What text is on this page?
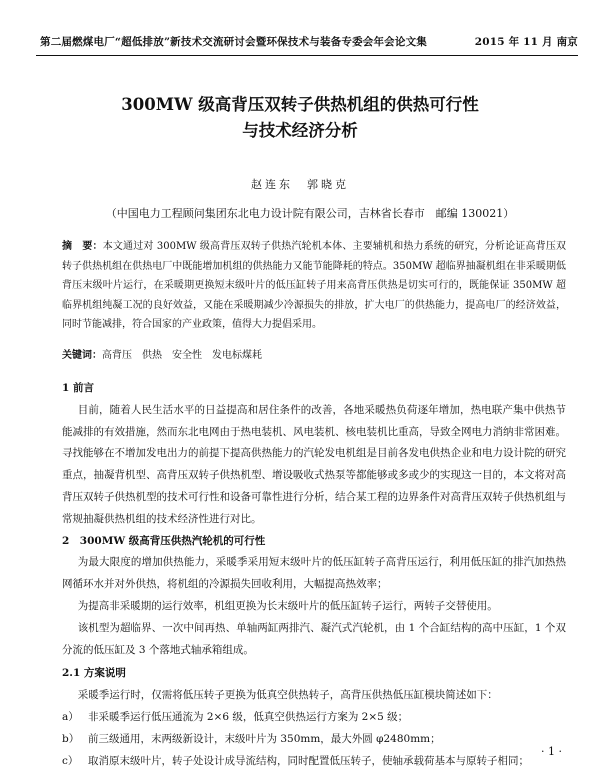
第二届燃煤电厂“超低排放”新技术交流研讨会暨环保技术与装备专委会年会论文集	2015 年 11 月 南京
300MW 级高背压双转子供热机组的供热可行性
与技术经济分析
赵连东　郭晓克
（中国电力工程顾问集团东北电力设计院有限公司，吉林省长春市　邮编 130021）
摘　要：本文通过对 300MW 级高背压双转子供热汽轮机本体、主要辅机和热力系统的研究，分析论证高背压双转子供热机组在供热电厂中既能增加机组的供热能力又能节能降耗的特点。350MW 超临界抽凝机组在非采暖期低背压末级叶片运行，在采暖期更换短末级叶片的低压缸转子用来高背压供热是切实可行的，既能保证 350MW 超临界机组纯凝工况的良好效益，又能在采暖期减少冷源损失的排放，扩大电厂的供热能力，提高电厂的经济效益，同时节能减排，符合国家的产业政策，值得大力提倡采用。
关键词：高背压　供热　安全性　发电标煤耗

1 前言

目前，随着人民生活水平的日益提高和居住条件的改善，各地采暖热负荷逐年增加，热电联产集中供热节能减排的有效措施，然而东北电网由于热电装机、风电装机、核电装机比重高，导致全网电力消纳非常困难。寻找能够在不增加发电出力的前提下提高供热能力的汽轮发电机组是目前各发电供热企业和电力设计院的研究重点，抽凝背机型、高背压双转子供热机型、增设吸收式热泵等都能够或多或少的实现这一目的，本文将对高背压双转子供热机型的技术可行性和设备可靠性进行分析，结合某工程的边界条件对高背压双转子供热机组与常规抽凝供热机组的技术经济性进行对比。

2　300MW 级高背压供热汽轮机的可行性

为最大限度的增加供热能力，采暖季采用短末级叶片的低压缸转子高背压运行，利用低压缸的排汽加热热网循环水并对外供热，将机组的冷源损失回收利用，大幅提高热效率；

为提高非采暖期的运行效率，机组更换为长末级叶片的低压缸转子运行，两转子交替使用。

该机型为超临界、一次中间再热、单轴两缸两排汽、凝汽式汽轮机，由 1 个合缸结构的高中压缸，1 个双分流的低压缸及 3 个落地式轴承箱组成。

2.1 方案说明

采暖季运行时，仅需将低压转子更换为低真空供热转子，高背压供热低压缸模块简述如下：

a） 非采暖季运行低压通流为 2×6 级，低真空供热运行方案为 2×5 级；

b） 前三级通用，末两级新设计，末级叶片为 350mm，最大外圆 φ2480mm；

c） 取消原末级叶片，转子处设计成导流结构，同时配置低压转子，使轴承载荷基本与原转子相同；

· 1 ·
